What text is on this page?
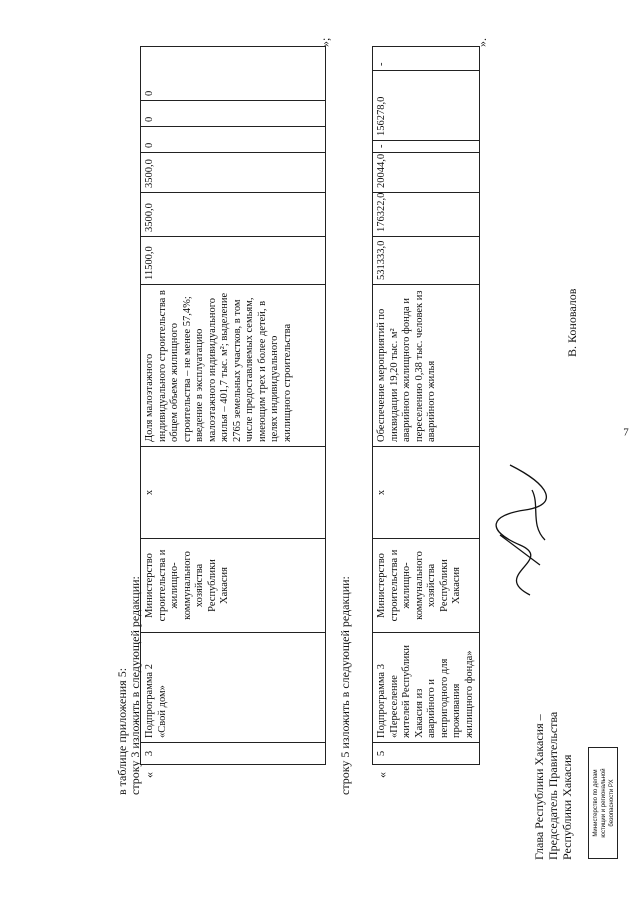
7
в таблице приложения 5: строку 3 изложить в следующей редакции: «
3	Подпрограмма 2 «Свой дом»	Министерство строительства и жилищно-коммунального хозяйства Республики Хакасия	х	Доля малоэтажного индивидуального строительства в общем объеме жилищного строительства – не менее 57,4%; введение в эксплуатацию малоэтажного индивидуального жилья – 401,7 тыс. м²; выделение 2765 земельных участков, в том числе предоставляемых семьям, имеющим трех и более детей, в целях индивидуального жилищного строительства	11500,0	3500,0	3500,0	0	0	0
»;
строку 5 изложить в следующей редакции: «
5	Подпрограмма 3 «Переселение жителей Республики Хакасия из аварийного и непригодного для проживания жилищного фонда»	Министерство строительства и жилищно-коммунального хозяйства Республики Хакасия	х	Обеспечение мероприятий по ликвидации 19,20 тыс. м² аварийного жилищного фонда и переселению 0,38 тыс. человек из аварийного жилья	531333,0	176322,0	20044,0	-	156278,0	-
».
Глава Республики Хакасия – Председатель Правительства Республики Хакасия	Министерство по делам юстиции и региональной безопасности РХ
В. Коновалов
